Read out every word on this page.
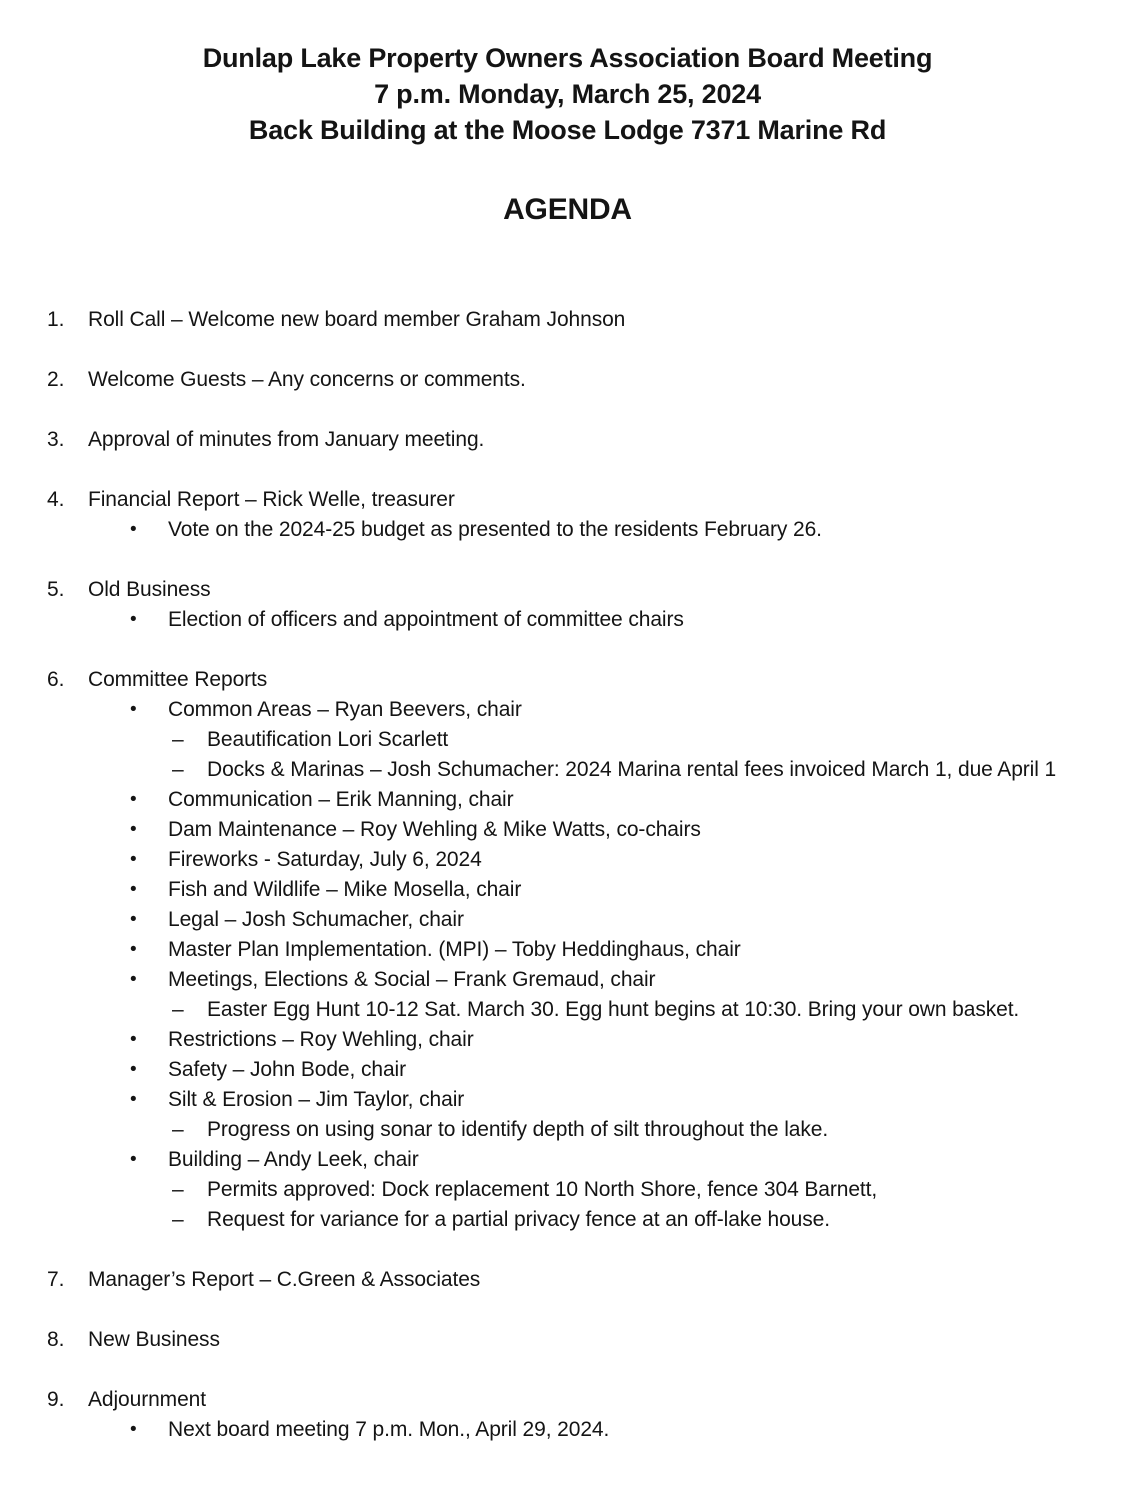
Dunlap Lake Property Owners Association Board Meeting
7 p.m. Monday, March 25, 2024
Back Building at the Moose Lodge 7371 Marine Rd
AGENDA
1.	Roll Call – Welcome new board member Graham Johnson
2.	Welcome Guests – Any concerns or comments.
3.	Approval of minutes from January meeting.
4.	Financial Report – Rick Welle, treasurer
•	Vote on the 2024-25 budget as presented to the residents February 26.
5.	Old Business
•	Election of officers and appointment of committee chairs
6.	Committee Reports
•	Common Areas – Ryan Beevers, chair
–	Beautification Lori Scarlett
–	Docks & Marinas – Josh Schumacher: 2024 Marina rental fees invoiced March 1, due April 1
•	Communication – Erik Manning, chair
•	Dam Maintenance – Roy Wehling & Mike Watts, co-chairs
•	Fireworks - Saturday, July 6, 2024
•	Fish and Wildlife – Mike Mosella, chair
•	Legal – Josh Schumacher, chair
•	Master Plan Implementation. (MPI) – Toby Heddinghaus, chair
•	Meetings, Elections & Social – Frank Gremaud, chair
–	Easter Egg Hunt 10-12 Sat. March 30. Egg hunt begins at 10:30. Bring your own basket.
•	Restrictions – Roy Wehling, chair
•	Safety – John Bode, chair
•	Silt & Erosion – Jim Taylor, chair
–	Progress on using sonar to identify depth of silt throughout the lake.
•	Building – Andy Leek, chair
–	Permits approved: Dock replacement 10 North Shore, fence 304 Barnett,
–	Request for variance for a partial privacy fence at an off-lake house.
7.	Manager’s Report – C.Green & Associates
8.	New Business
9.	Adjournment
•	Next board meeting 7 p.m. Mon., April 29, 2024.
